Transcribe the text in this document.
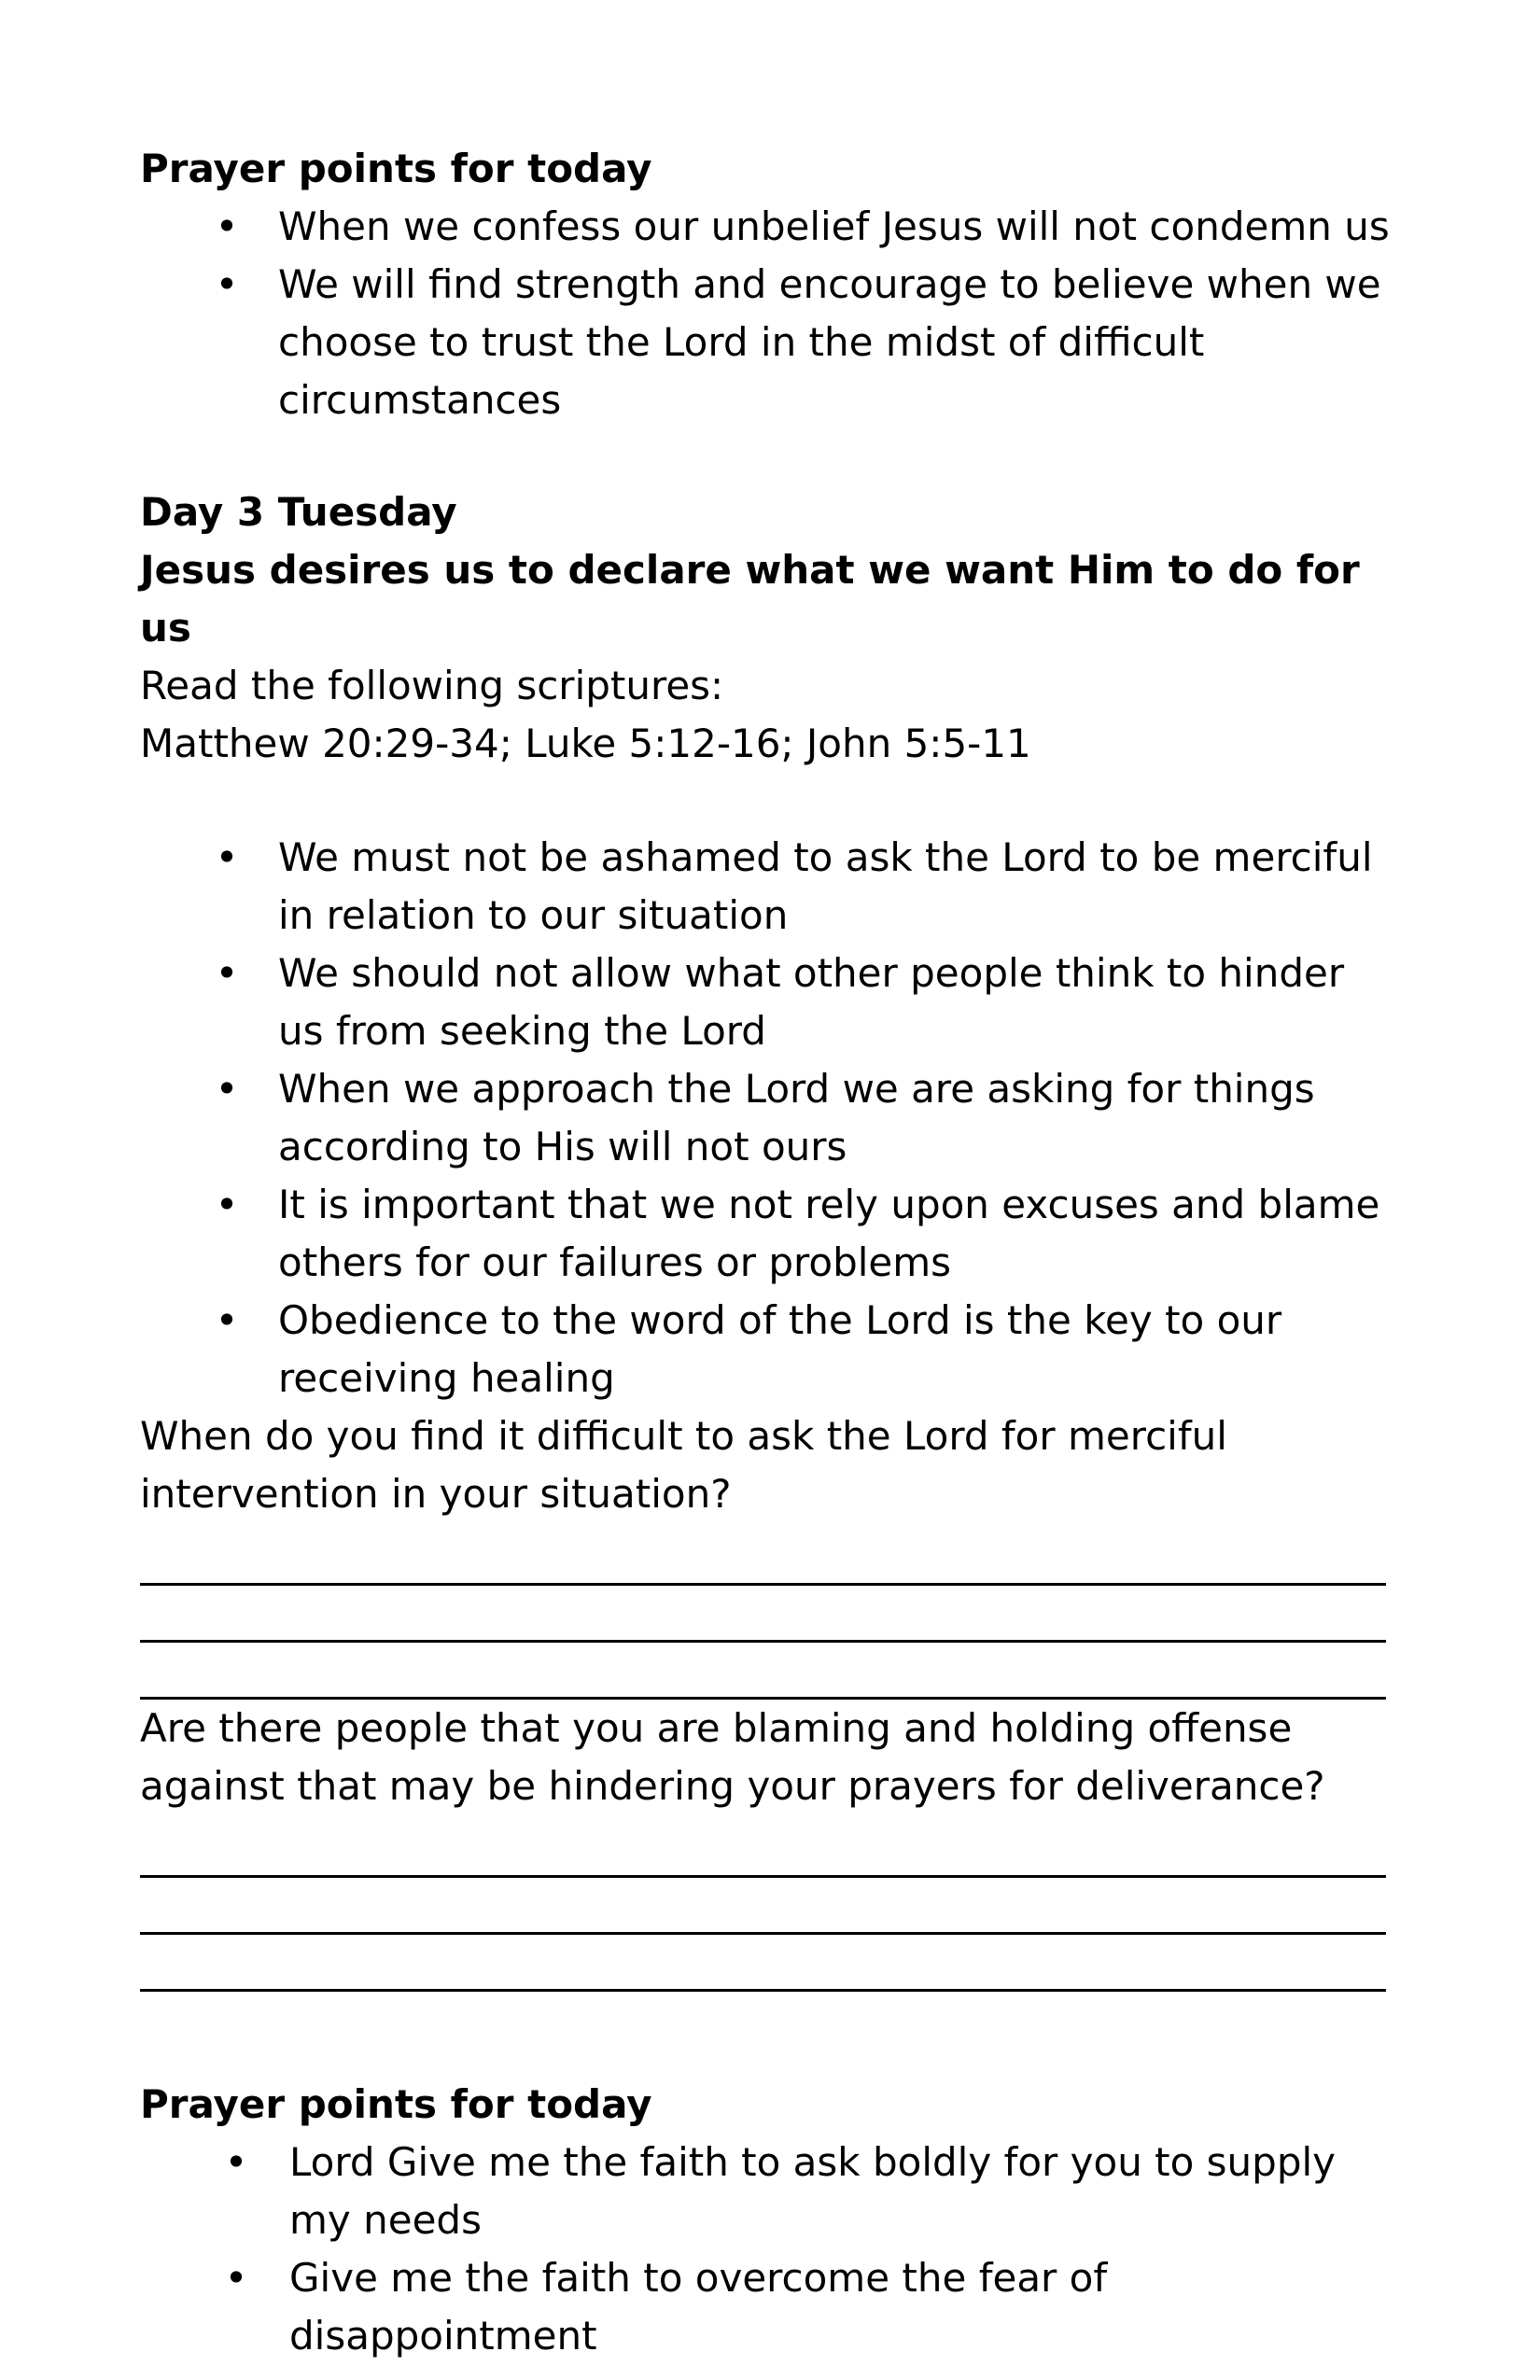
Prayer points for today

• When we confess our unbelief Jesus will not condemn us
• We will find strength and encourage to believe when we choose to trust the Lord in the midst of difficult circumstances

Day 3 Tuesday

Jesus desires us to declare what we want Him to do for us

Read the following scriptures:

Matthew 20:29-34; Luke 5:12-16; John 5:5-11

• We must not be ashamed to ask the Lord to be merciful in relation to our situation
• We should not allow what other people think to hinder us from seeking the Lord
• When we approach the Lord we are asking for things according to His will not ours
• It is important that we not rely upon excuses and blame others for our failures or problems
• Obedience to the word of the Lord is the key to our receiving healing

When do you find it difficult to ask the Lord for merciful intervention in your situation?

Are there people that you are blaming and holding offense against that may be hindering your prayers for deliverance?

Prayer points for today

• Lord Give me the faith to ask boldly for you to supply my needs
• Give me the faith to overcome the fear of disappointment
